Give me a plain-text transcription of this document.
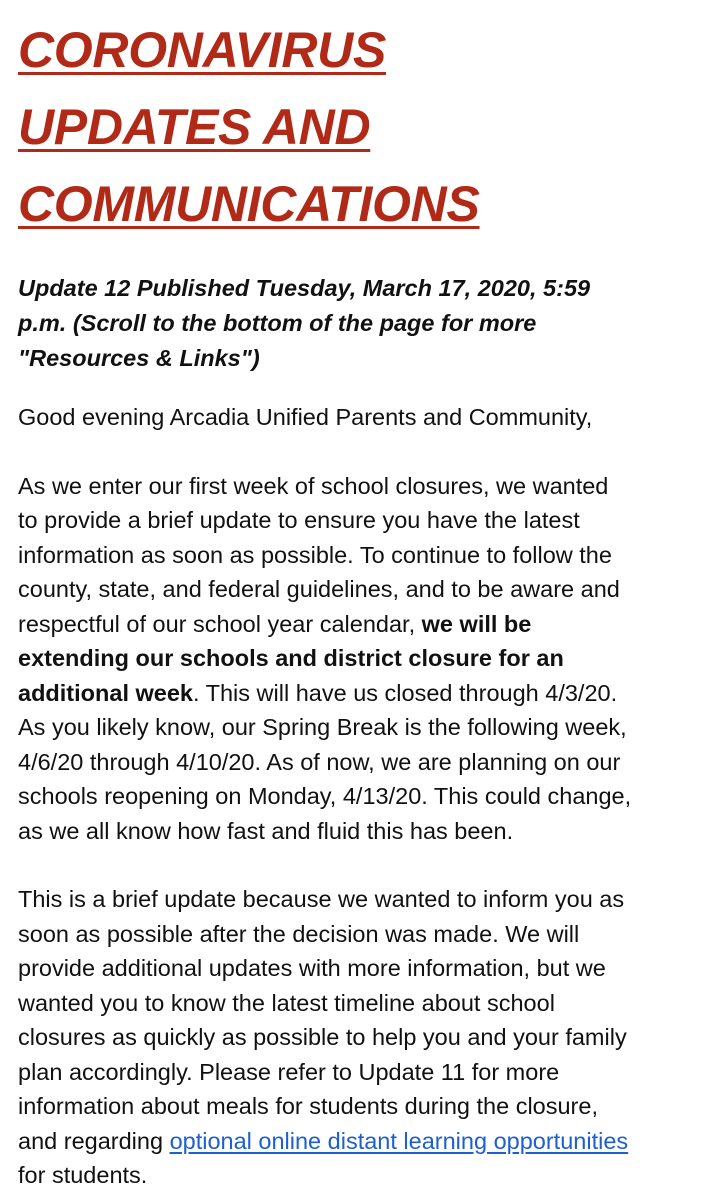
CORONAVIRUS
UPDATES AND
COMMUNICATIONS

Update 12 Published Tuesday, March 17, 2020, 5:59
p.m. (Scroll to the bottom of the page for more
"Resources & Links")

Good evening Arcadia Unified Parents and Community,

As we enter our first week of school closures, we wanted
to provide a brief update to ensure you have the latest
information as soon as possible. To continue to follow the
county, state, and federal guidelines, and to be aware and
respectful of our school year calendar, we will be
extending our schools and district closure for an
additional week. This will have us closed through 4/3/20.
As you likely know, our Spring Break is the following week,
4/6/20 through 4/10/20. As of now, we are planning on our
schools reopening on Monday, 4/13/20. This could change,
as we all know how fast and fluid this has been.

This is a brief update because we wanted to inform you as
soon as possible after the decision was made. We will
provide additional updates with more information, but we
wanted you to know the latest timeline about school
closures as quickly as possible to help you and your family
plan accordingly. Please refer to Update 11 for more
information about meals for students during the closure,
and regarding optional online distant learning opportunities
for students.
